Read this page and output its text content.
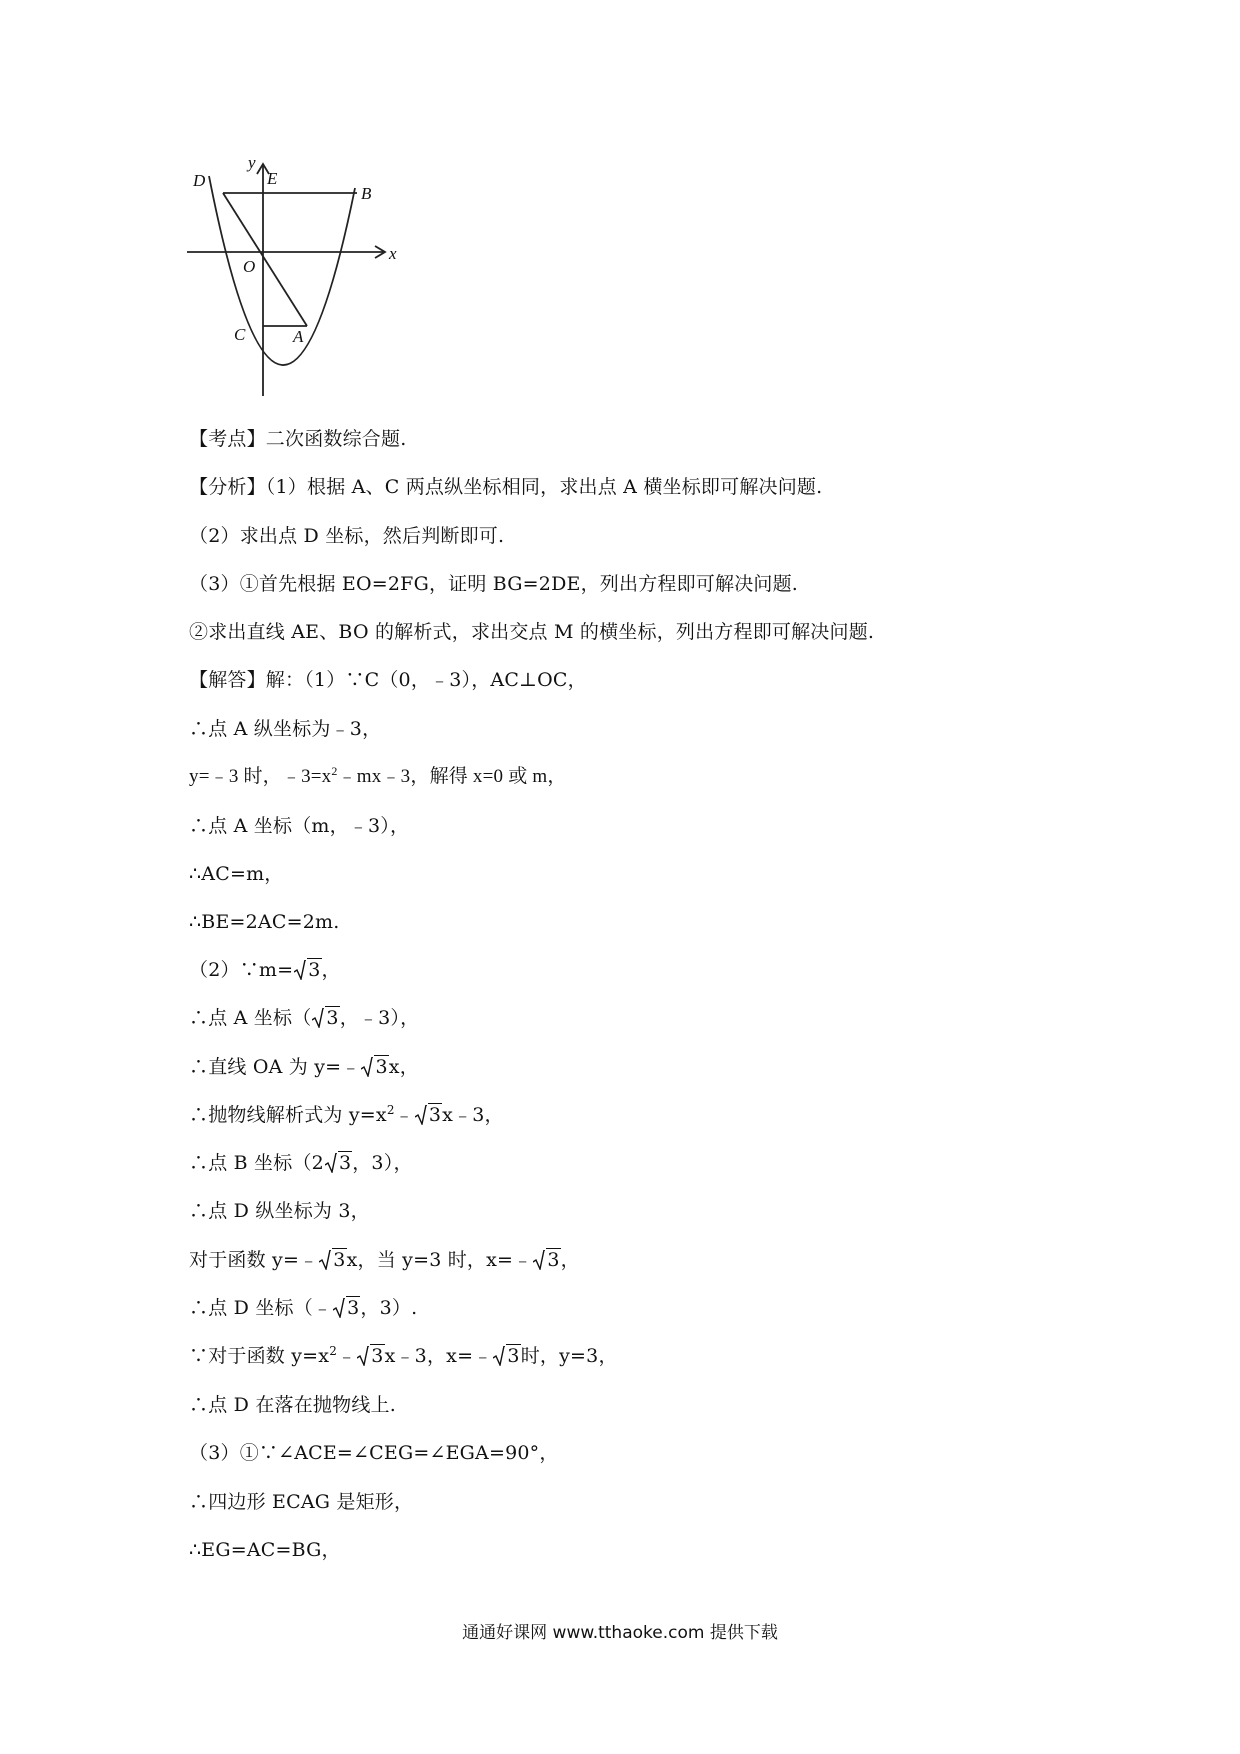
y
x
D	E
B
O
C	A
【考点】二次函数综合题.
【分析】（1）根据 A、C 两点纵坐标相同，求出点 A 横坐标即可解决问题.
（2）求出点 D 坐标，然后判断即可.
（3）①首先根据 EO=2FG，证明 BG=2DE，列出方程即可解决问题.
②求出直线 AE、BO 的解析式，求出交点 M 的横坐标，列出方程即可解决问题.
【解答】解：（1）∵C（0，﹣3），AC⊥OC，
∴点 A 纵坐标为﹣3，
y=﹣3 时，$﹣3=x^2﹣mx﹣3$，解得 x=0 或 m，
∴点 A 坐标（m，﹣3），
∴AC=m，
∴BE=2AC=2m.
（2）∵m= 3，
∴点 A 坐标（ 3，﹣3），
∴直线 OA 为 y=﹣ 3x，
∴抛物线解析式为 $y=x^2﹣$ 3x﹣3，
∴点 B 坐标（2 3，3），
∴点 D 纵坐标为 3，
对于函数 y=﹣ 3x，当 y=3 时，x=﹣ 3，
∴点 D 坐标（﹣ 3，3）.
∵对于函数 $y=x^2﹣$ 3x﹣3，x=﹣ 3时，y=3，
∴点 D 在落在抛物线上.
（3）①∵∠ACE=∠CEG=∠EGA=90°，
∴四边形 ECAG 是矩形，
∴EG=AC=BG，
通通好课网 www.tthaoke.com 提供下载
